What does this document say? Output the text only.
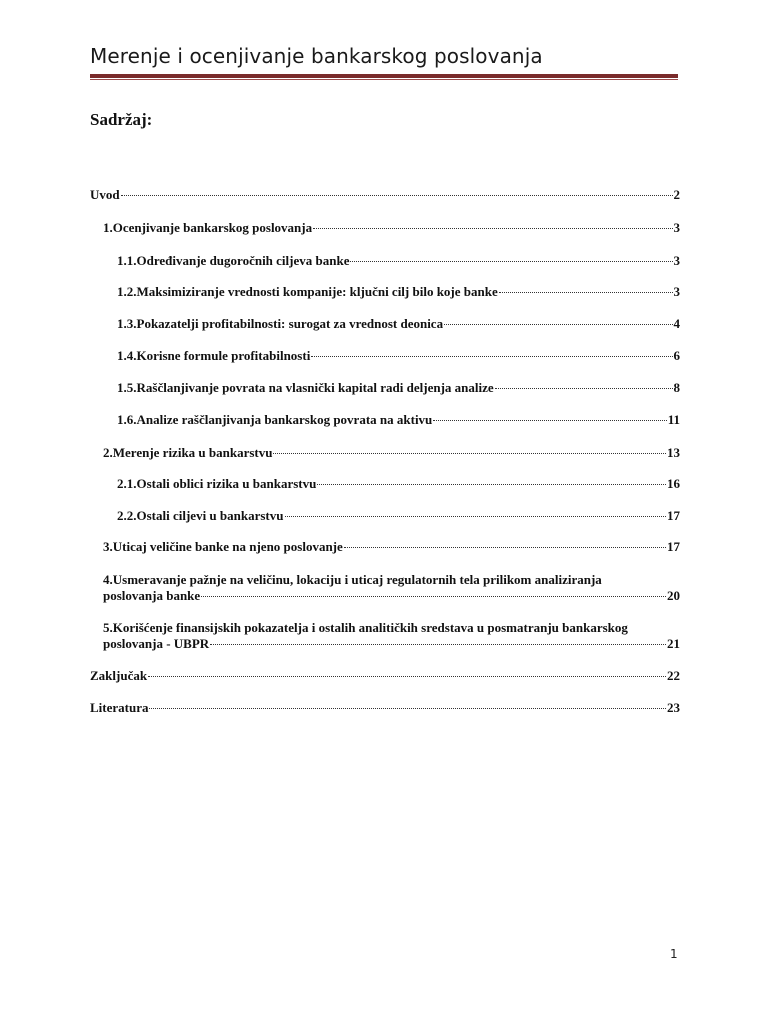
Merenje i ocenjivanje bankarskog poslovanja
Sadržaj:
Uvod	2
1.Ocenjivanje bankarskog poslovanja	3
1.1.Određivanje dugoročnih ciljeva banke	3
1.2.Maksimiziranje vrednosti kompanije: ključni cilj bilo koje banke	3
1.3.Pokazatelji profitabilnosti: surogat za vrednost deonica	4
1.4.Korisne formule profitabilnosti	6
1.5.Raščlanjivanje povrata na vlasnički kapital radi deljenja analize	8
1.6.Analize raščlanjivanja bankarskog povrata na aktivu	11
2.Merenje rizika u bankarstvu	13
2.1.Ostali oblici rizika u bankarstvu	16
2.2.Ostali ciljevi u bankarstvu	17
3.Uticaj veličine banke na njeno poslovanje	17
4.Usmeravanje pažnje na veličinu, lokaciju i uticaj regulatornih tela prilikom analiziranja
poslovanja banke	20
5.Korišćenje finansijskih pokazatelja i ostalih analitičkih sredstava u posmatranju bankarskog
poslovanja - UBPR	21
Zaključak	22
Literatura	23
1
